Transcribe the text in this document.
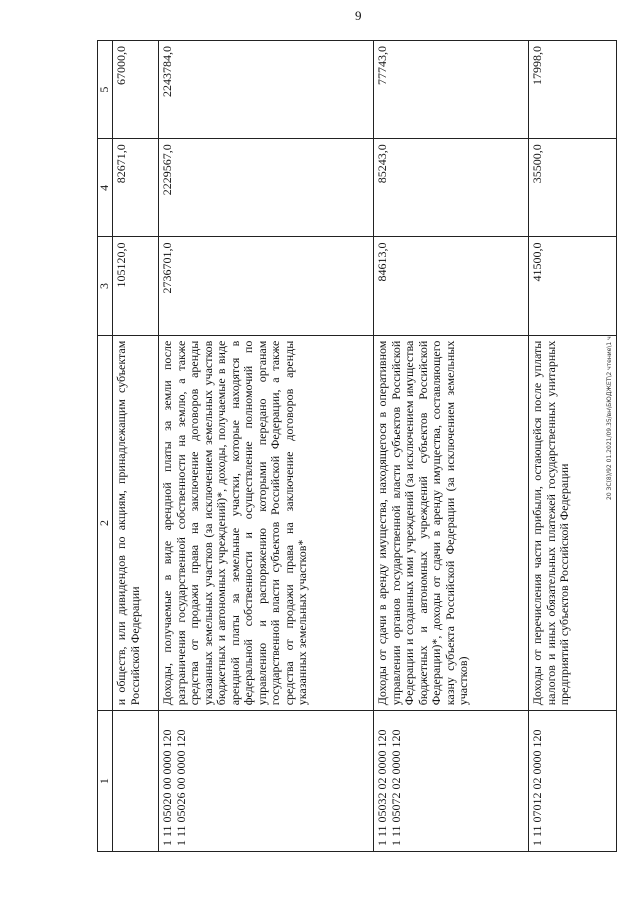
9
1	2	3	4	5
	и обществ, или дивидендов по акциям, принадлежащим субъектам Российской Федерации	105120,0	82671,0	67000,0
1 11 05020 00 0000 120
1 11 05026 00 0000 120	Доходы, получаемые в виде арендной платы за земли после разграничения государственной собственности на землю, а также средства от продажи права на заключение договоров аренды указанных земельных участков (за исключением земельных участков бюджетных и автономных учреждений)*, доходы, получаемые в виде арендной платы за земельные участки, которые находятся в федеральной собственности и осуществление полномочий по управлению и распоряжению которыми передано органам государственной власти субъектов Российской Федерации, а также средства от продажи права на заключение договоров аренды указанных земельных участков*	2736701,0	2229567,0	2243784,0
1 11 05032 02 0000 120
1 11 05072 02 0000 120	Доходы от сдачи в аренду имущества, находящегося в оперативном управлении органов государственной власти субъектов Российской Федерации и созданных ими учреждений (за исключением имущества бюджетных и автономных учреждений субъектов Российской Федерации)*, доходы от сдачи в аренду имущества, составляющего казну субъекта Российской Федерации (за исключением земельных участков)	84613,0	85243,0	77743,0
1 11 07012 02 0000 120	Доходы от перечисления части прибыли, остающейся после уплаты налогов и иных обязательных платежей государственных унитарных предприятий субъектов Российской Федерации	41500,0	35500,0	17998,0
20 ЗС(8)/92 01.2021/09.35/вн\БЮДЖЕТ\2 чтение\1 ч
